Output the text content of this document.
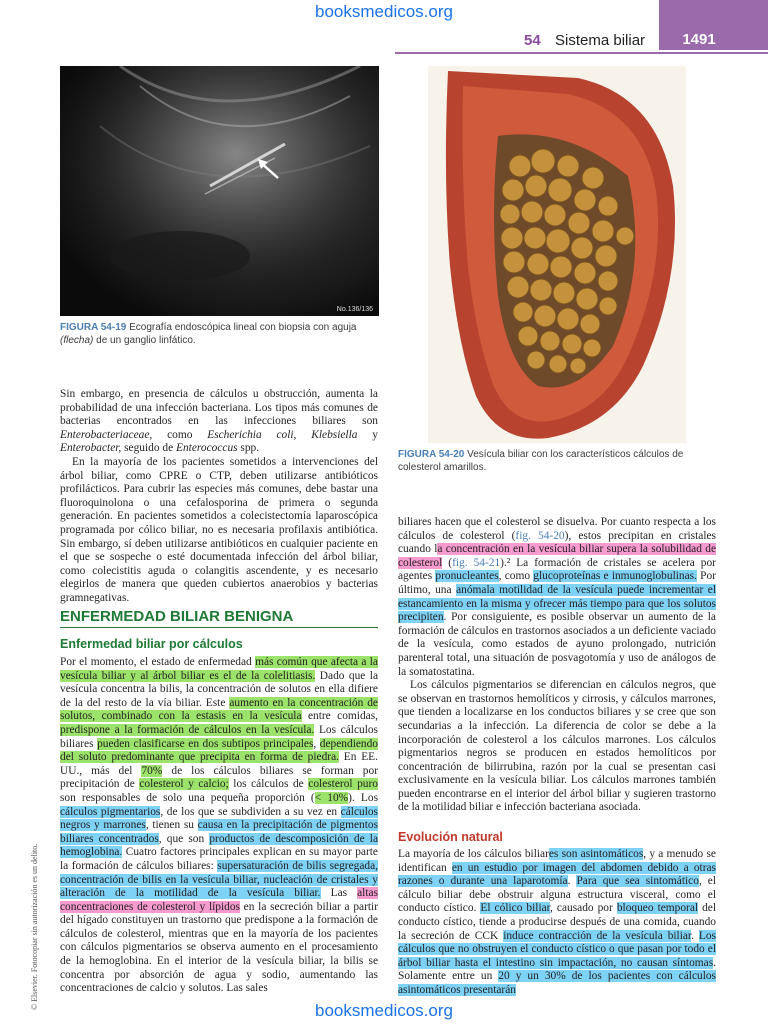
booksmedicos.org
54 Sistema biliar	1491
No.136/136
FIGURA 54-19 Ecografía endoscópica lineal con biopsia con aguja (flecha) de un ganglio linfático.
FIGURA 54-20 Vesícula biliar con los característicos cálculos de colesterol amarillos.

Sin embargo, en presencia de cálculos u obstrucción, aumenta la probabilidad de una infección bacteriana. Los tipos más comunes de bacterias encontrados en las infecciones biliares son Enterobacteriaceae, como Escherichia coli, Klebsiella y Enterobacter, seguido de Enterococcus spp.

En la mayoría de los pacientes sometidos a intervenciones del árbol biliar, como CPRE o CTP, deben utilizarse antibióticos profilácticos. Para cubrir las especies más comunes, debe bastar una fluoroquinolona o una cefalosporina de primera o segunda generación. En pacientes sometidos a colecistectomía laparoscópica programada por cólico biliar, no es necesaria profilaxis antibiótica. Sin embargo, sí deben utilizarse antibióticos en cualquier paciente en el que se sospeche o esté documentada infección del árbol biliar, como colecistitis aguda o colangitis ascendente, y es necesario elegirlos de manera que queden cubiertos anaerobios y bacterias gramnegativas.

ENFERMEDAD BILIAR BENIGNA
Enfermedad biliar por cálculos

Por el momento, el estado de enfermedad más común que afecta a la vesícula biliar y al árbol biliar es el de la colelitiasis. Dado que la vesícula concentra la bilis, la concentración de solutos en ella difiere de la del resto de la vía biliar. Este aumento en la concentración de solutos, combinado con la estasis en la vesícula entre comidas, predispone a la formación de cálculos en la vesícula. Los cálculos biliares pueden clasificarse en dos subtipos principales, dependiendo del soluto predominante que precipita en forma de piedra. En EE. UU., más del 70% de los cálculos biliares se forman por precipitación de colesterol y calcio; los cálculos de colesterol puro son responsables de solo una pequeña proporción (< 10%). Los cálculos pigmentarios, de los que se subdividen a su vez en cálculos negros y marrones, tienen su causa en la precipitación de pigmentos biliares concentrados, que son productos de descomposición de la hemoglobina. Cuatro factores principales explican en su mayor parte la formación de cálculos biliares: supersaturación de bilis segregada, concentración de bilis en la vesícula biliar, nucleación de cristales y alteración de la motilidad de la vesícula biliar. Las altas concentraciones de colesterol y lípidos en la secreción biliar a partir del hígado constituyen un trastorno que predispone a la formación de cálculos de colesterol, mientras que en la mayoría de los pacientes con cálculos pigmentarios se observa aumento en el procesamiento de la hemoglobina. En el interior de la vesícula biliar, la bilis se concentra por absorción de agua y sodio, aumentando las concentraciones de calcio y solutos. Las sales

biliares hacen que el colesterol se disuelva. Por cuanto respecta a los cálculos de colesterol (fig. 54-20), estos precipitan en cristales cuando la concentración en la vesícula biliar supera la solubilidad de colesterol (fig. 54-21).² La formación de cristales se acelera por agentes pronucleantes, como glucoproteínas e inmunoglobulinas. Por último, una anómala motilidad de la vesícula puede incrementar el estancamiento en la misma y ofrecer más tiempo para que los solutos precipiten. Por consiguiente, es posible observar un aumento de la formación de cálculos en trastornos asociados a un deficiente vaciado de la vesícula, como estados de ayuno prolongado, nutrición parenteral total, una situación de posvagotomía y uso de análogos de la somatostatina.

Los cálculos pigmentarios se diferencian en cálculos negros, que se observan en trastornos hemolíticos y cirrosis, y cálculos marrones, que tienden a localizarse en los conductos biliares y se cree que son secundarias a la infección. La diferencia de color se debe a la incorporación de colesterol a los cálculos marrones. Los cálculos pigmentarios negros se producen en estados hemolíticos por concentración de bilirrubina, razón por la cual se presentan casi exclusivamente en la vesícula biliar. Los cálculos marrones también pueden encontrarse en el interior del árbol biliar y sugieren trastorno de la motilidad biliar e infección bacteriana asociada.

Evolución natural

La mayoría de los cálculos biliares son asintomáticos, y a menudo se identifican en un estudio por imagen del abdomen debido a otras razones o durante una laparotomía. Para que sea sintomático, el cálculo biliar debe obstruir alguna estructura visceral, como el conducto cístico. El cólico biliar, causado por bloqueo temporal del conducto cístico, tiende a producirse después de una comida, cuando la secreción de CCK induce contracción de la vesícula biliar. Los cálculos que no obstruyen el conducto cístico o que pasan por todo el árbol biliar hasta el intestino sin impactación, no causan síntomas. Solamente entre un 20 y un 30% de los pacientes con cálculos asintomáticos presentarán

© Elsevier. Fotocopiar sin autorización es un delito.
booksmedicos.org
